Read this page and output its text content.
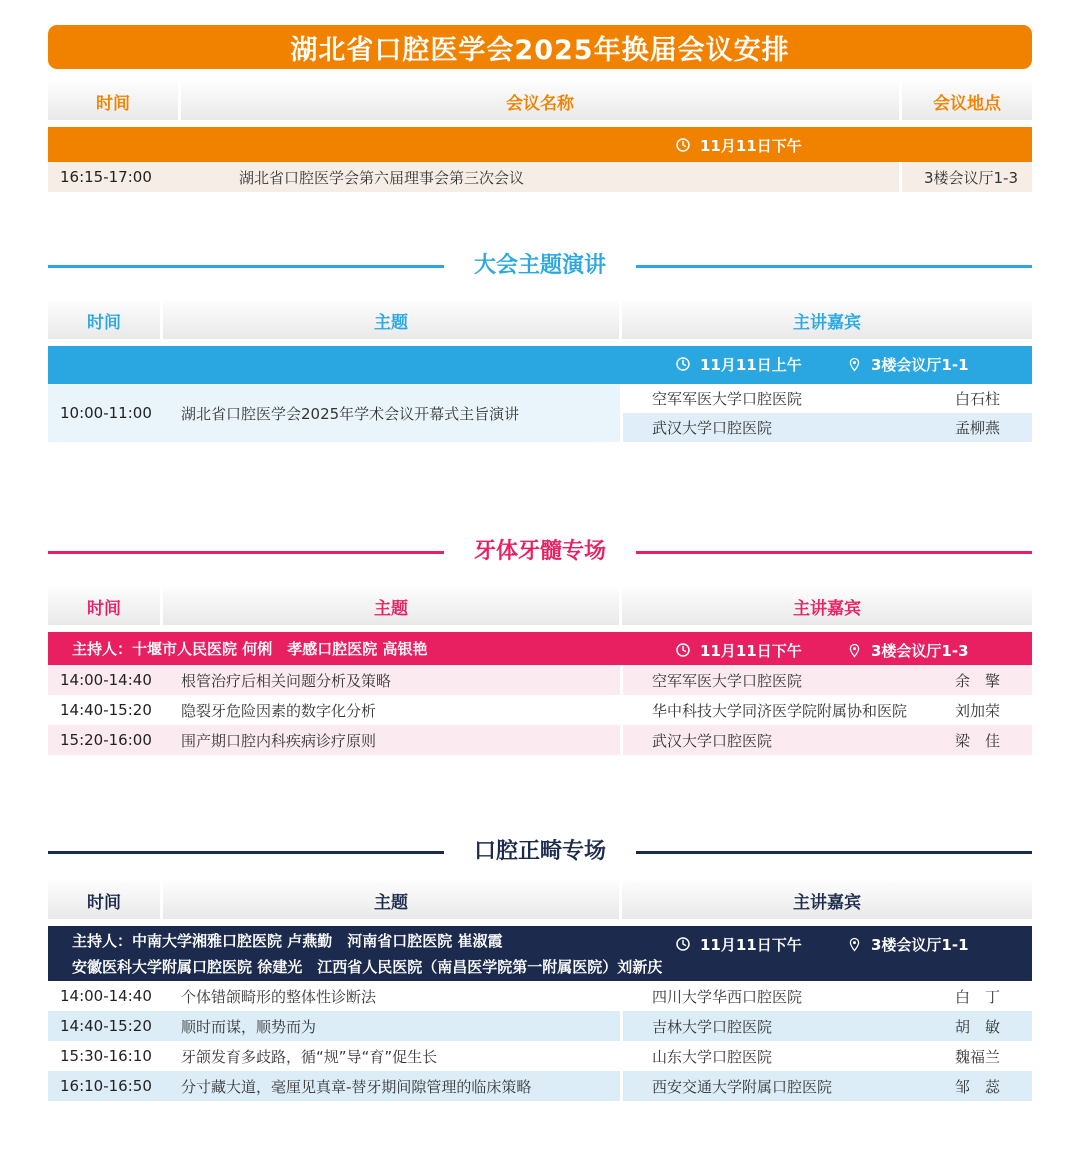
湖北省口腔医学会2025年换届会议安排
时间	会议名称	会议地点
11月11日下午
16:15-17:00	湖北省口腔医学会第六届理事会第三次会议	3楼会议厅1-3
大会主题演讲
时间	主题	主讲嘉宾
11月11日上午	3楼会议厅1-1
10:00-11:00	湖北省口腔医学会2025年学术会议开幕式主旨演讲
空军军医大学口腔医院	白石柱
武汉大学口腔医院	孟柳燕
牙体牙髓专场
时间	主题	主讲嘉宾
主持人：十堰市人民医院 何俐　孝感口腔医院 高银艳	11月11日下午	3楼会议厅1-3
14:00-14:40	根管治疗后相关问题分析及策略	空军军医大学口腔医院	余　擎
14:40-15:20	隐裂牙危险因素的数字化分析	华中科技大学同济医学院附属协和医院	刘加荣
15:20-16:00	围产期口腔内科疾病诊疗原则	武汉大学口腔医院	梁　佳
口腔正畸专场
时间	主题	主讲嘉宾
主持人：中南大学湘雅口腔医院 卢燕勤　河南省口腔医院 崔淑霞
安徽医科大学附属口腔医院 徐建光　江西省人民医院（南昌医学院第一附属医院）刘新庆
11月11日下午	3楼会议厅1-1
14:00-14:40	个体错颌畸形的整体性诊断法	四川大学华西口腔医院	白　丁
14:40-15:20	顺时而谋，顺势而为	吉林大学口腔医院	胡　敏
15:30-16:10	牙颌发育多歧路，循“规”导“育”促生长	山东大学口腔医院	魏福兰
16:10-16:50	分寸藏大道，毫厘见真章-替牙期间隙管理的临床策略	西安交通大学附属口腔医院	邹　蕊
